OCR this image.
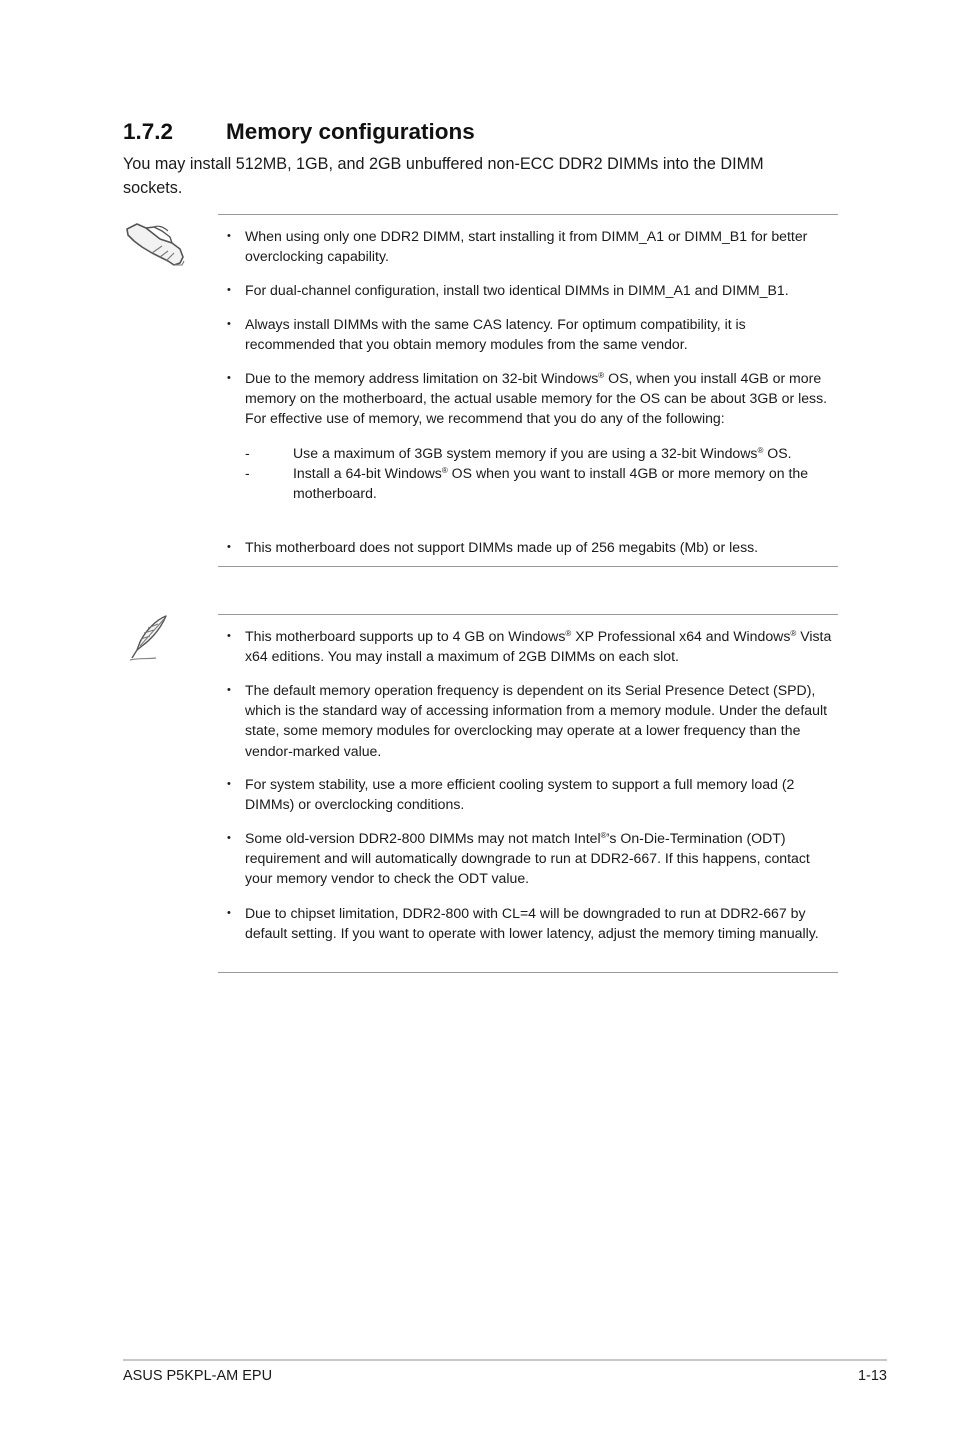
1.7.2	Memory configurations

You may install 512MB, 1GB, and 2GB unbuffered non-ECC DDR2 DIMMs into the DIMM sockets.

• When using only one DDR2 DIMM, start installing it from DIMM_A1 or DIMM_B1 for better overclocking capability.
• For dual-channel configuration, install two identical DIMMs in DIMM_A1 and DIMM_B1.
• Always install DIMMs with the same CAS latency. For optimum compatibility, it is recommended that you obtain memory modules from the same vendor.
• Due to the memory address limitation on 32-bit Windows® OS, when you install 4GB or more memory on the motherboard, the actual usable memory for the OS can be about 3GB or less. For effective use of memory, we recommend that you do any of the following:
- Use a maximum of 3GB system memory if you are using a 32-bit Windows® OS.
- Install a 64-bit Windows® OS when you want to install 4GB or more memory on the motherboard.
• This motherboard does not support DIMMs made up of 256 megabits (Mb) or less.
• This motherboard supports up to 4 GB on Windows® XP Professional x64 and Windows® Vista x64 editions. You may install a maximum of 2GB DIMMs on each slot.
• The default memory operation frequency is dependent on its Serial Presence Detect (SPD), which is the standard way of accessing information from a memory module. Under the default state, some memory modules for overclocking may operate at a lower frequency than the vendor-marked value.
• For system stability, use a more efficient cooling system to support a full memory load (2 DIMMs) or overclocking conditions.
• Some old-version DDR2-800 DIMMs may not match Intel®’s On-Die-Termination (ODT) requirement and will automatically downgrade to run at DDR2-667. If this happens, contact your memory vendor to check the ODT value.
• Due to chipset limitation, DDR2-800 with CL=4 will be downgraded to run at DDR2-667 by default setting. If you want to operate with lower latency, adjust the memory timing manually.
ASUS P5KPL-AM EPU	1-13
